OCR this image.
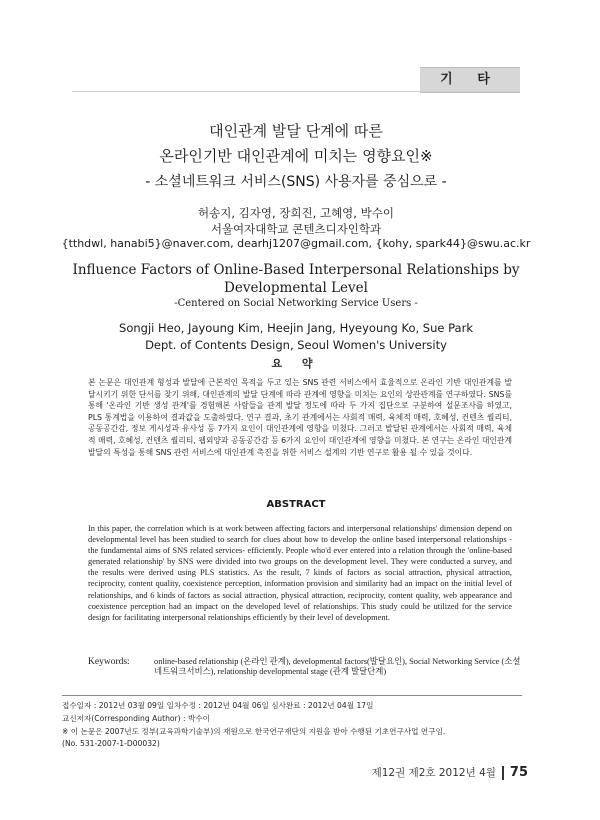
기 타
대인관계 발달 단계에 따른
온라인기반 대인관계에 미치는 영향요인※
- 소셜네트워크 서비스(SNS) 사용자를 중심으로 -
허송지, 김자영, 장희진, 고혜영, 박수이
서울여자대학교 콘텐츠디자인학과
{tthdwl, hanabi5}@naver.com, dearhj1207@gmail.com, {kohy, spark44}@swu.ac.kr
Influence Factors of Online-Based Interpersonal Relationships by
Developmental Level
-Centered on Social Networking Service Users -
Songji Heo, Jayoung Kim, Heejin Jang, Hyeyoung Ko, Sue Park
Dept. of Contents Design, Seoul Women's University
요 약

본 논문은 대인관계 형성과 발달에 근본적인 목적을 두고 있는 SNS 관련 서비스에서 효율적으로 온라인 기반 대인관계를 발달시키기 위한 단서를 찾기 위해, 대인관계의 발달 단계에 따라 관계에 영향을 미치는 요인의 상관관계를 연구하였다. SNS를 통해 '온라인 기반 생성 관계'를 경험해본 사람들을 관계 발달 정도에 따라 두 가지 집단으로 구분하여 설문조사를 하였고, PLS 통계법을 이용하여 결과값을 도출하였다. 연구 결과, 초기 관계에서는 사회적 매력, 육체적 매력, 호혜성, 컨텐츠 퀄리티, 공동공간감, 정보 게시성과 유사성 등 7가지 요인이 대인관계에 영향을 미쳤다. 그러고 발달된 관계에서는 사회적 매력, 육체적 매력, 호혜성, 컨텐츠 퀄리티, 웹외양과 공동공간감 등 6가지 요인이 대인관계에 영향을 미쳤다. 본 연구는 온라인 대인관계 발달의 특성을 통해 SNS 관련 서비스에 대인관계 촉진을 위한 서비스 설계의 기반 연구로 활용 될 수 있을 것이다.

ABSTRACT

In this paper, the correlation which is at work between affecting factors and interpersonal relationships' dimension depend on developmental level has been studied to search for clues about how to develop the online based interpersonal relationships -the fundamental aims of SNS related services- efficiently. People who'd ever entered into a relation through the 'online-based generated relationship' by SNS were divided into two groups on the development level. They were conducted a survey, and the results were derived using PLS statistics. As the result, 7 kinds of factors as social attraction, physical attraction, reciprocity, content quality, coexistence perception, information provision and similarity had an impact on the initial level of relationships, and 6 kinds of factors as social attraction, physical attraction, reciprocity, content quality, web appearance and coexistence perception had an impact on the developed level of relationships. This study could be utilized for the service design for facilitating interpersonal relationships efficiently by their level of development.

Keywords:	online-based relationship (온라인 관계), developmental factors(발달요인), Social Networking Service (소셜네트워크서비스), relationship developmental stage (관계 발달단계)

접수일자 : 2012년 03월 09일 일차수정 : 2012년 04월 06일 심사완료 : 2012년 04월 17일
교신저자(Corresponding Author) : 박수이
※ 이 논문은 2007년도 정부(교육과학기술부)의 재원으로 한국연구재단의 지원을 받아 수행된 기초연구사업 연구임.
(No. 531-2007-1-D00032)
제12권 제2호 2012년 4월 75
